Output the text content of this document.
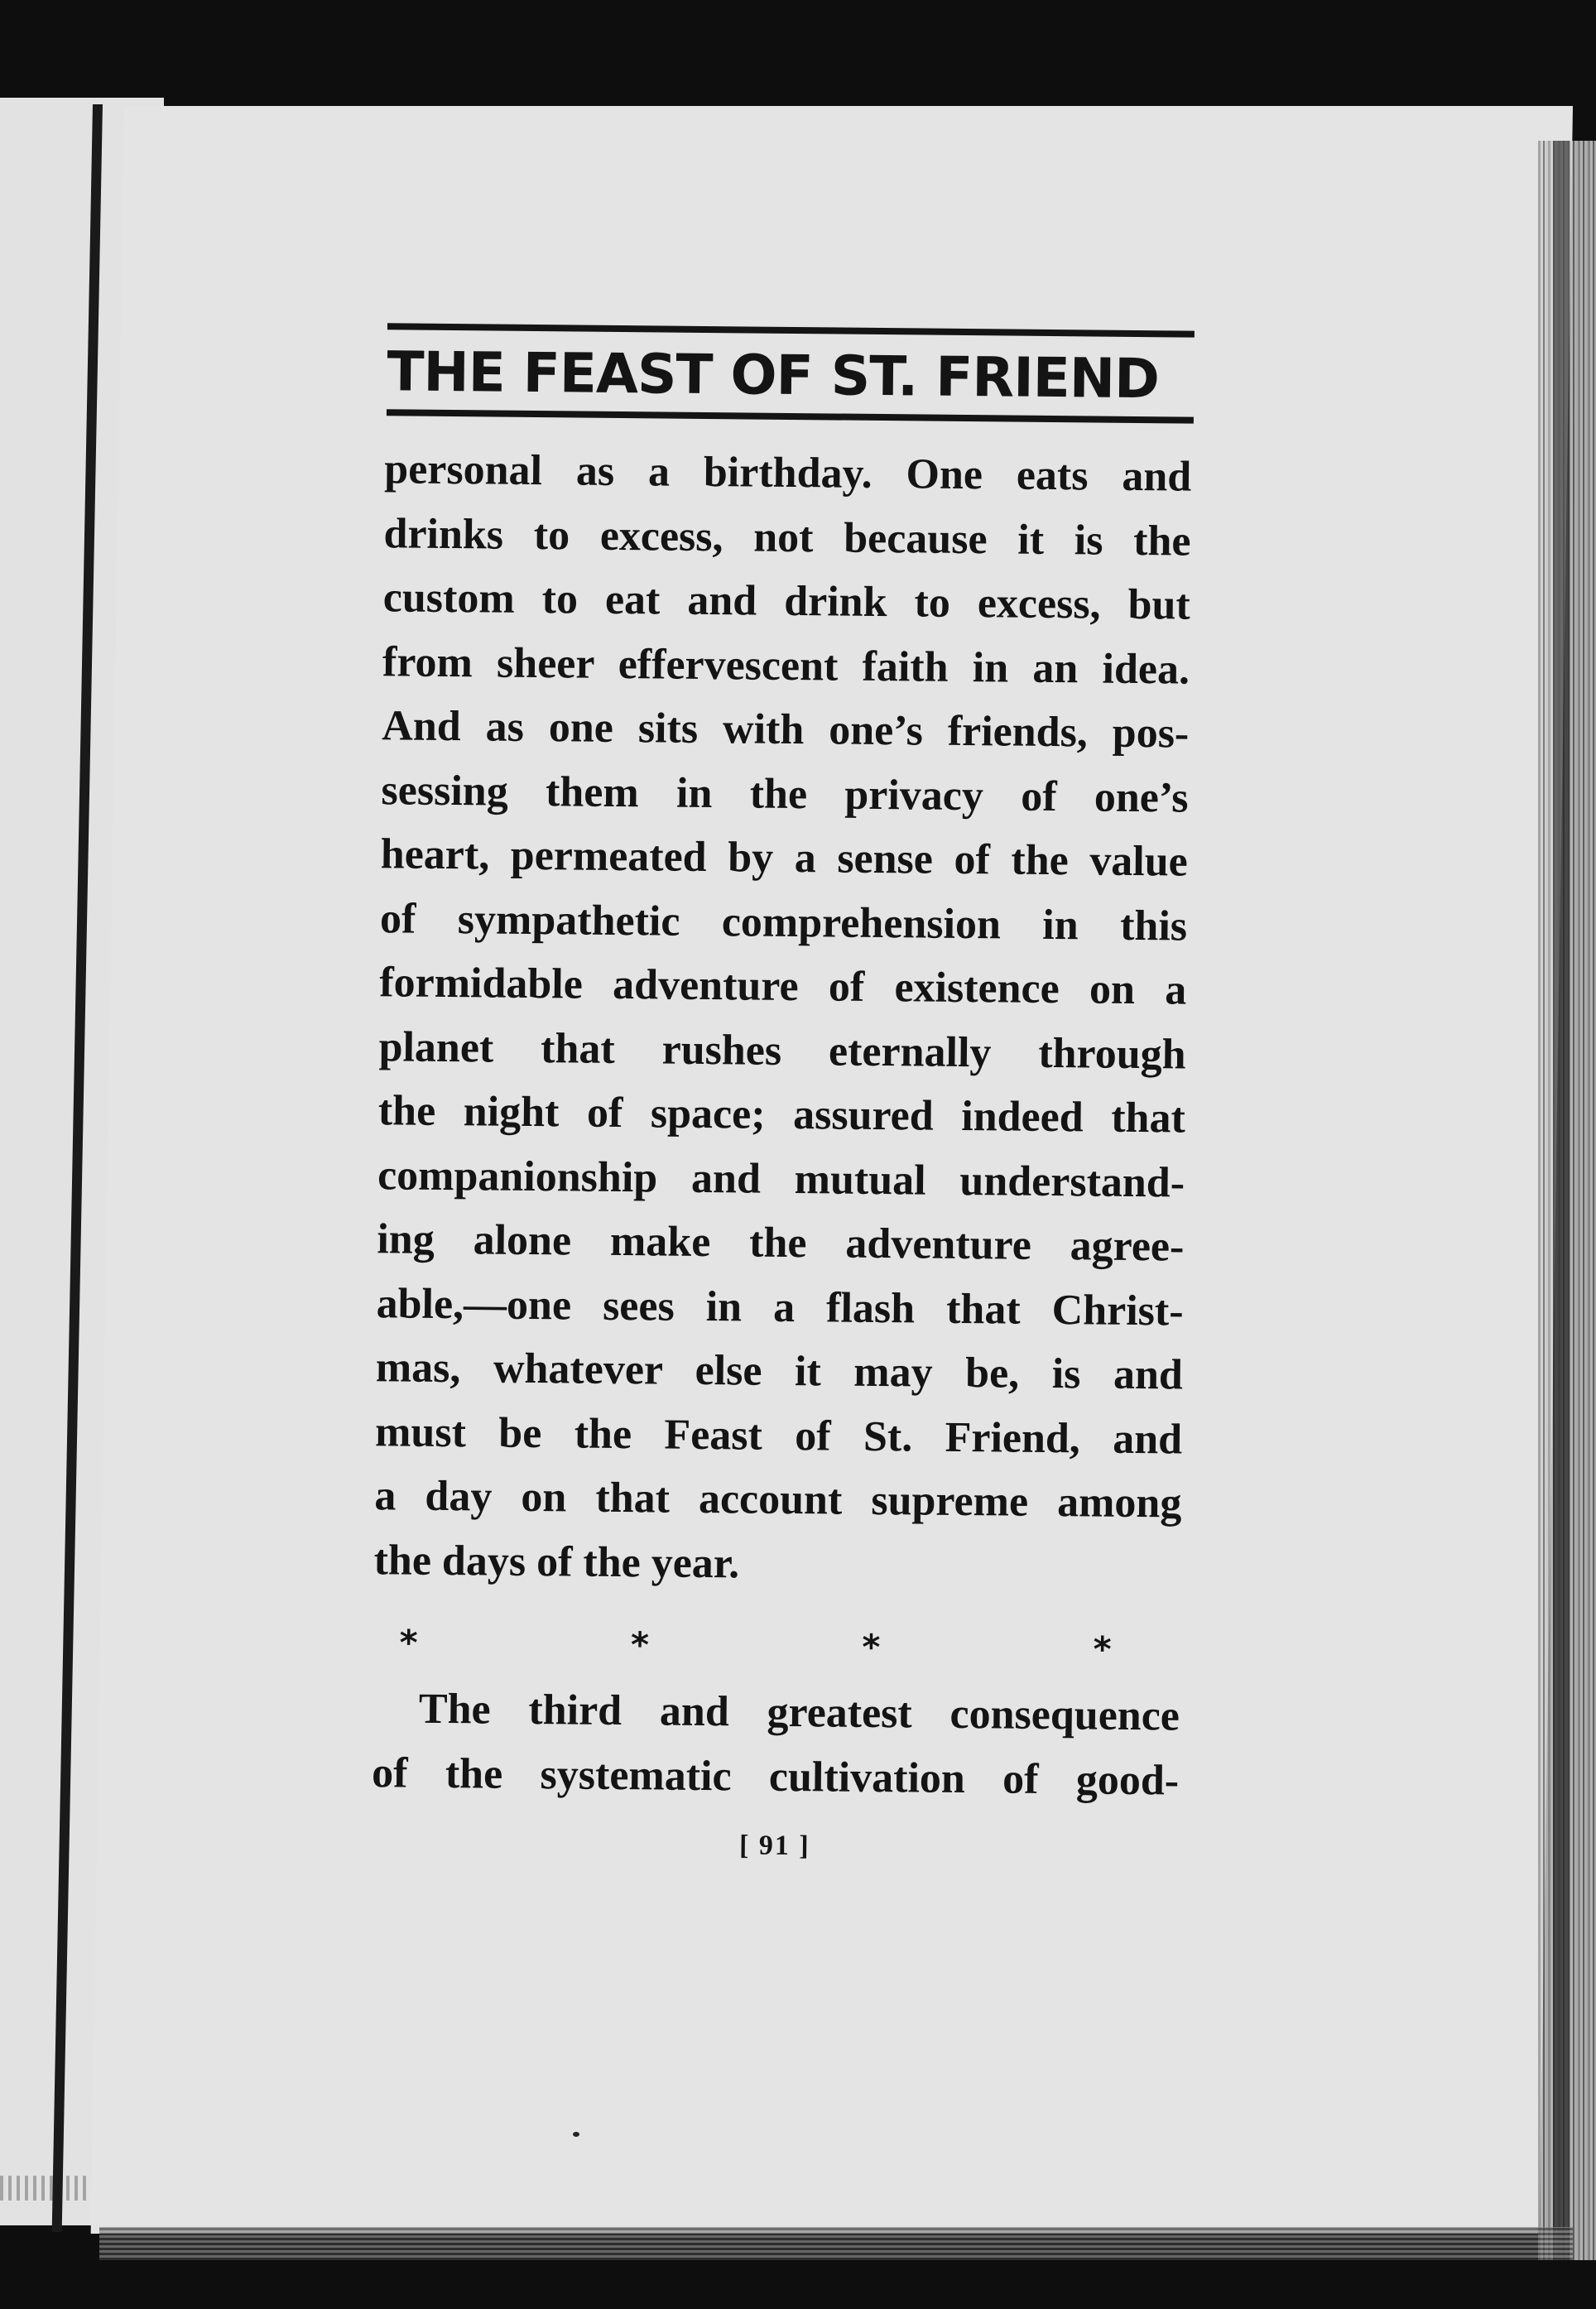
THE FEAST OF ST. FRIEND
personal as a birthday. One eats and
drinks to excess, not because it is the
custom to eat and drink to excess, but
from sheer effervescent faith in an idea.
And as one sits with one’s friends, pos-
sessing them in the privacy of one’s
heart, permeated by a sense of the value
of sympathetic comprehension in this
formidable adventure of existence on a
planet that rushes eternally through
the night of space; assured indeed that
companionship and mutual understand-
ing alone make the adventure agree-
able,—one sees in a flash that Christ-
mas, whatever else it may be, is and
must be the Feast of St. Friend, and
a day on that account supreme among
the days of the year.
*	*	*	*
The third and greatest consequence
of the systematic cultivation of good-
[ 91 ]
